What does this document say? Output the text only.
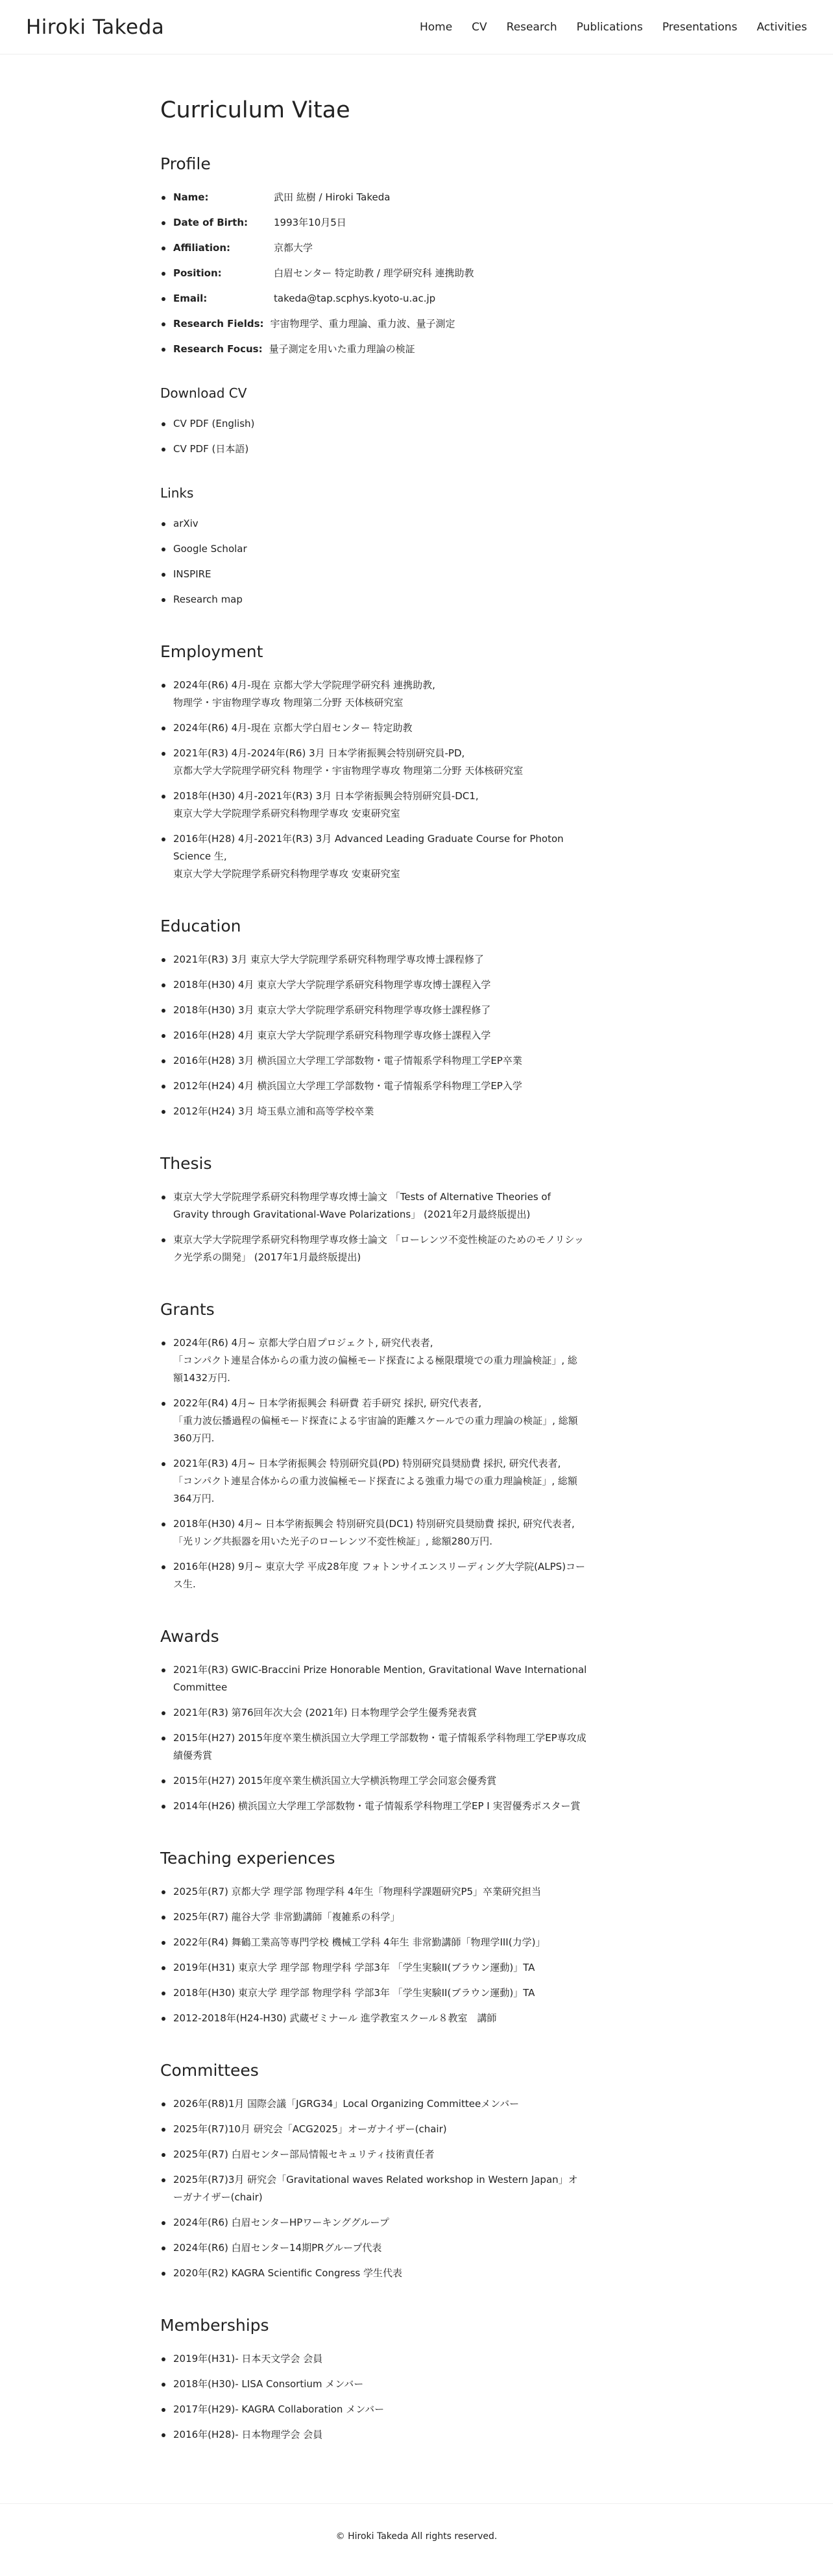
Hiroki Takeda	Home CV Research Publications Presentations Activities
Curriculum Vitae
Profile
Name:	武田 紘樹 / Hiroki Takeda
Date of Birth:	1993年10月5日
Affiliation:	京都大学
Position:	白眉センター 特定助教 / 理学研究科 連携助教
Email:	takeda@tap.scphys.kyoto-u.ac.jp
Research Fields: 宇宙物理学、重力理論、重力波、量子測定
Research Focus: 量子測定を用いた重力理論の検証
Download CV
CV PDF (English)
CV PDF (日本語)
Links
arXiv
Google Scholar
INSPIRE
Research map
Employment
2024年(R6) 4月-現在 京都大学大学院理学研究科 連携助教,
物理学・宇宙物理学専攻 物理第二分野 天体核研究室
2024年(R6) 4月-現在 京都大学白眉センター 特定助教
2021年(R3) 4月-2024年(R6) 3月 日本学術振興会特別研究員-PD,
京都大学大学院理学研究科 物理学・宇宙物理学専攻 物理第二分野 天体核研究室
2018年(H30) 4月-2021年(R3) 3月 日本学術振興会特別研究員-DC1,
東京大学大学院理学系研究科物理学専攻 安東研究室
2016年(H28) 4月-2021年(R3) 3月 Advanced Leading Graduate Course for Photon
Science 生,
東京大学大学院理学系研究科物理学専攻 安東研究室
Education
2021年(R3) 3月 東京大学大学院理学系研究科物理学専攻博士課程修了
2018年(H30) 4月 東京大学大学院理学系研究科物理学専攻博士課程入学
2018年(H30) 3月 東京大学大学院理学系研究科物理学専攻修士課程修了
2016年(H28) 4月 東京大学大学院理学系研究科物理学専攻修士課程入学
2016年(H28) 3月 横浜国立大学理工学部数物・電子情報系学科物理工学EP卒業
2012年(H24) 4月 横浜国立大学理工学部数物・電子情報系学科物理工学EP入学
2012年(H24) 3月 埼玉県立浦和高等学校卒業
Thesis
東京大学大学院理学系研究科物理学専攻博士論文 「Tests of Alternative Theories of
Gravity through Gravitational-Wave Polarizations」 (2021年2月最終版提出)
東京大学大学院理学系研究科物理学専攻修士論文 「ローレンツ不変性検証のためのモノリシッ
ク光学系の開発」 (2017年1月最終版提出)
Grants
2024年(R6) 4月~ 京都大学白眉プロジェクト, 研究代表者,
「コンパクト連星合体からの重力波の偏極モード探査による極限環境での重力理論検証」, 総
額1432万円.
2022年(R4) 4月~ 日本学術振興会 科研費 若手研究 採択, 研究代表者,
「重力波伝播過程の偏極モード探査による宇宙論的距離スケールでの重力理論の検証」, 総額
360万円.
2021年(R3) 4月~ 日本学術振興会 特別研究員(PD) 特別研究員奨励費 採択, 研究代表者,
「コンパクト連星合体からの重力波偏極モード探査による強重力場での重力理論検証」, 総額
364万円.
2018年(H30) 4月~ 日本学術振興会 特別研究員(DC1) 特別研究員奨励費 採択, 研究代表者,
「光リング共振器を用いた光子のローレンツ不変性検証」, 総額280万円.
2016年(H28) 9月~ 東京大学 平成28年度 フォトンサイエンスリーディング大学院(ALPS)コー
ス生.
Awards
2021年(R3) GWIC-Braccini Prize Honorable Mention, Gravitational Wave International
Committee
2021年(R3) 第76回年次大会 (2021年) 日本物理学会学生優秀発表賞
2015年(H27) 2015年度卒業生横浜国立大学理工学部数物・電子情報系学科物理工学EP専攻成
績優秀賞
2015年(H27) 2015年度卒業生横浜国立大学横浜物理工学会同窓会優秀賞
2014年(H26) 横浜国立大学理工学部数物・電子情報系学科物理工学EP I 実習優秀ポスター賞
Teaching experiences
2025年(R7) 京都大学 理学部 物理学科 4年生「物理科学課題研究P5」卒業研究担当
2025年(R7) 龍谷大学 非常勤講師「複雑系の科学」
2022年(R4) 舞鶴工業高等専門学校 機械工学科 4年生 非常勤講師「物理学III(力学)」
2019年(H31) 東京大学 理学部 物理学科 学部3年 「学生実験II(ブラウン運動)」TA
2018年(H30) 東京大学 理学部 物理学科 学部3年 「学生実験II(ブラウン運動)」TA
2012-2018年(H24-H30) 武蔵ゼミナール 進学教室スクール８教室　講師
Committees
2026年(R8)1月 国際会議「JGRG34」Local Organizing Committeeメンバー
2025年(R7)10月 研究会「ACG2025」オーガナイザー(chair)
2025年(R7) 白眉センター部局情報セキュリティ技術責任者
2025年(R7)3月 研究会「Gravitational waves Related workshop in Western Japan」オ
ーガナイザー(chair)
2024年(R6) 白眉センターHPワーキンググループ
2024年(R6) 白眉センター14期PRグループ代表
2020年(R2) KAGRA Scientific Congress 学生代表
Memberships
2019年(H31)- 日本天文学会 会員
2018年(H30)- LISA Consortium メンバー
2017年(H29)- KAGRA Collaboration メンバー
2016年(H28)- 日本物理学会 会員
© Hiroki Takeda All rights reserved.
